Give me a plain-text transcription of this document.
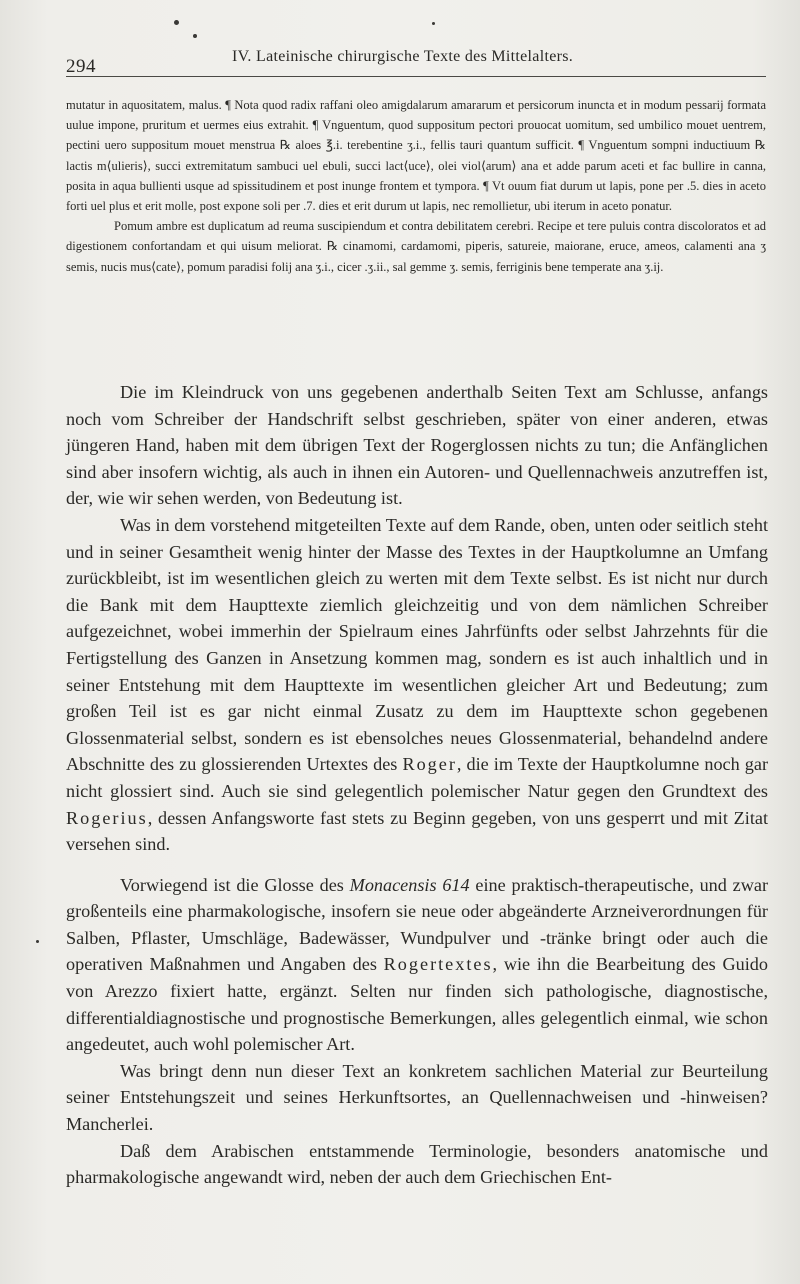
294	IV. Lateinische chirurgische Texte des Mittelalters.

mutatur in aquositatem, malus. ¶ Nota quod radix raffani oleo amigdalarum amararum et persicorum inuncta et in modum pessarij formata uulue impone, pruritum et uermes eius extrahit. ¶ Vnguentum, quod suppositum pectori prouocat uomitum, sed umbilico mouet uentrem, pectini uero suppositum mouet menstrua ℞ aloes ℥.i. terebentine ʒ.i., fellis tauri quantum sufficit. ¶ Vnguentum sompni inductiuum ℞ lactis m⟨ulieris⟩, succi extremitatum sambuci uel ebuli, succi lact⟨uce⟩, olei viol⟨arum⟩ ana et adde parum aceti et fac bullire in canna, posita in aqua bullienti usque ad spissitudinem et post inunge frontem et tympora. ¶ Vt ouum fiat durum ut lapis, pone per .5. dies in aceto forti uel plus et erit molle, post expone soli per .7. dies et erit durum ut lapis, nec remollietur, ubi iterum in aceto ponatur.

Pomum ambre est duplicatum ad reuma suscipiendum et contra debilitatem cerebri. Recipe et tere puluis contra discoloratos et ad digestionem confortandam et qui uisum meliorat. ℞ cinamomi, cardamomi, piperis, satureie, maiorane, eruce, ameos, calamenti ana ʒ semis, nucis mus⟨cate⟩, pomum paradisi folij ana ʒ.i., cicer .ʒ.ii., sal gemme ʒ. semis, ferriginis bene temperate ana ʒ.ij.

Die im Kleindruck von uns gegebenen anderthalb Seiten Text am Schlusse, anfangs noch vom Schreiber der Handschrift selbst geschrieben, später von einer anderen, etwas jüngeren Hand, haben mit dem übrigen Text der Rogerglossen nichts zu tun; die Anfänglichen sind aber insofern wichtig, als auch in ihnen ein Autoren- und Quellennachweis anzutreffen ist, der, wie wir sehen werden, von Bedeutung ist.

Was in dem vorstehend mitgeteilten Texte auf dem Rande, oben, unten oder seitlich steht und in seiner Gesamtheit wenig hinter der Masse des Textes in der Hauptkolumne an Umfang zurückbleibt, ist im wesentlichen gleich zu werten mit dem Texte selbst. Es ist nicht nur durch die Bank mit dem Haupttexte ziemlich gleichzeitig und von dem nämlichen Schreiber aufgezeichnet, wobei immerhin der Spielraum eines Jahrfünfts oder selbst Jahrzehnts für die Fertigstellung des Ganzen in Ansetzung kommen mag, sondern es ist auch inhaltlich und in seiner Entstehung mit dem Haupttexte im wesentlichen gleicher Art und Bedeutung; zum großen Teil ist es gar nicht einmal Zusatz zu dem im Haupttexte schon gegebenen Glossenmaterial selbst, sondern es ist ebensolches neues Glossenmaterial, behandelnd andere Abschnitte des zu glossierenden Urtextes des Roger, die im Texte der Hauptkolumne noch gar nicht glossiert sind. Auch sie sind gelegentlich polemischer Natur gegen den Grundtext des Rogerius, dessen Anfangsworte fast stets zu Beginn gegeben, von uns gesperrt und mit Zitat versehen sind.

Vorwiegend ist die Glosse des Monacensis 614 eine praktisch-therapeutische, und zwar großenteils eine pharmakologische, insofern sie neue oder abgeänderte Arzneiverordnungen für Salben, Pflaster, Umschläge, Badewässer, Wundpulver und -tränke bringt oder auch die operativen Maßnahmen und Angaben des Rogertextes, wie ihn die Bearbeitung des Guido von Arezzo fixiert hatte, ergänzt. Selten nur finden sich pathologische, diagnostische, differentialdiagnostische und prognostische Bemerkungen, alles gelegentlich einmal, wie schon angedeutet, auch wohl polemischer Art.

Was bringt denn nun dieser Text an konkretem sachlichen Material zur Beurteilung seiner Entstehungszeit und seines Herkunftsortes, an Quellennachweisen und -hinweisen? Mancherlei.

Daß dem Arabischen entstammende Terminologie, besonders anatomische und pharmakologische angewandt wird, neben der auch dem Griechischen Ent-
